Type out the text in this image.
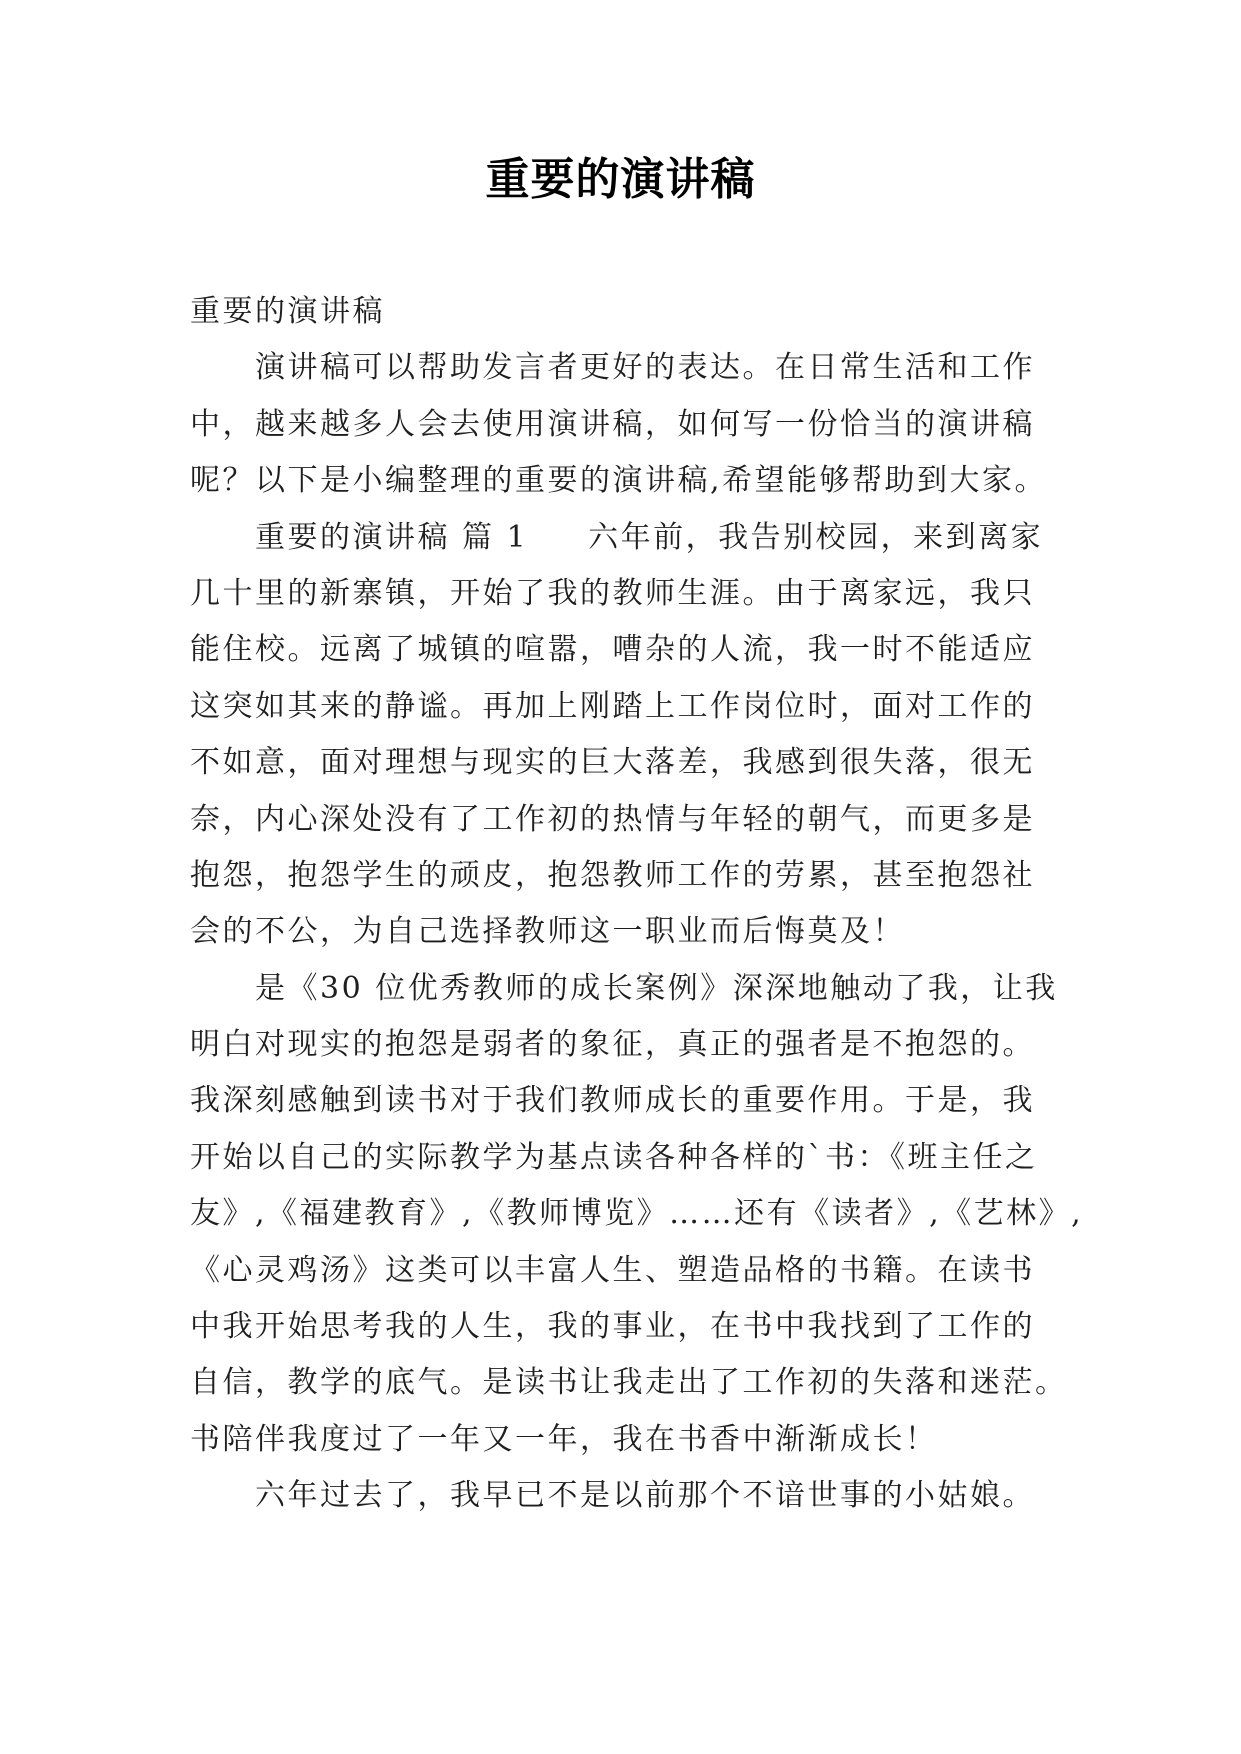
重要的演讲稿
重要的演讲稿
演讲稿可以帮助发言者更好的表达。在日常生活和工作
中，越来越多人会去使用演讲稿，如何写一份恰当的演讲稿
呢？以下是小编整理的重要的演讲稿,希望能够帮助到大家。
重要的演讲稿 篇 1 六年前，我告别校园，来到离家
几十里的新寨镇，开始了我的教师生涯。由于离家远，我只
能住校。远离了城镇的喧嚣，嘈杂的人流，我一时不能适应
这突如其来的静谧。再加上刚踏上工作岗位时，面对工作的
不如意，面对理想与现实的巨大落差，我感到很失落，很无
奈，内心深处没有了工作初的热情与年轻的朝气，而更多是
抱怨，抱怨学生的顽皮，抱怨教师工作的劳累，甚至抱怨社
会的不公，为自己选择教师这一职业而后悔莫及！
是《30 位优秀教师的成长案例》深深地触动了我，让我
明白对现实的抱怨是弱者的象征，真正的强者是不抱怨的。
我深刻感触到读书对于我们教师成长的重要作用。于是，我
开始以自己的实际教学为基点读各种各样的`书：《班主任之
友》,《福建教育》,《教师博览》……还有《读者》,《艺林》,
《心灵鸡汤》这类可以丰富人生、塑造品格的书籍。在读书
中我开始思考我的人生，我的事业，在书中我找到了工作的
自信，教学的底气。是读书让我走出了工作初的失落和迷茫。
书陪伴我度过了一年又一年，我在书香中渐渐成长！
六年过去了，我早已不是以前那个不谙世事的小姑娘。
